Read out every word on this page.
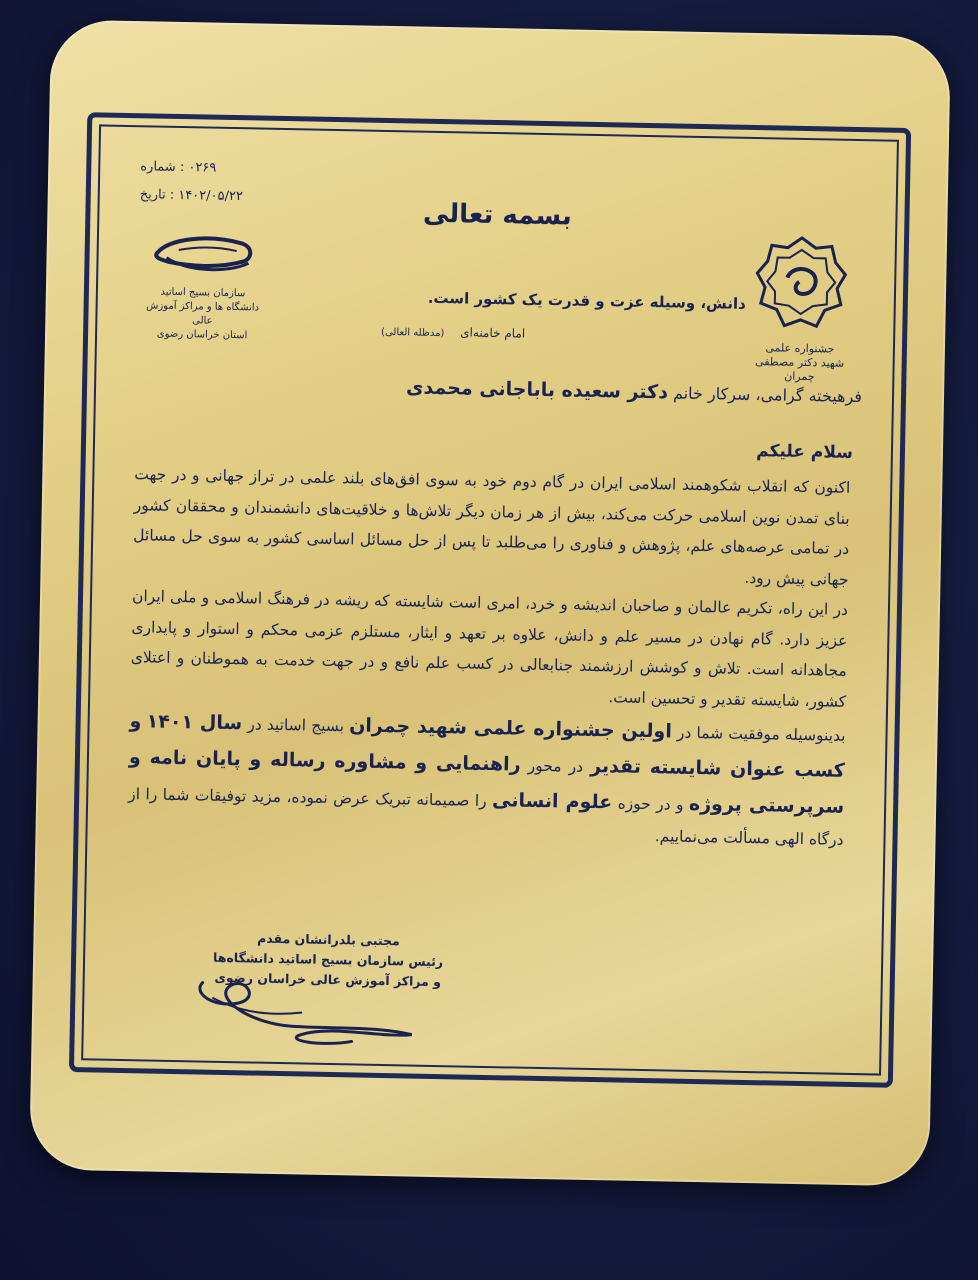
بسمه تعالی
۰۲۶۹ : شماره
۱۴۰۲/۰۵/۲۲ : تاریخ
سازمان بسیج اساتید
دانشگاه ها و مراکز آموزش عالی
استان خراسان رضوی
جشنواره علمی
شهید دکتر مصطفی چمران
دانش، وسیله عزت و قدرت یک کشور است.
امام خامنه‌ای (مدظله العالی)
فرهیخته گرامی، سرکار خانم دکتر سعیده باباجانی محمدی
سلام علیکم

اکنون که انقلاب شکوهمند اسلامی ایران در گام دوم خود به سوی افق‌های بلند علمی در تراز جهانی و در جهت بنای تمدن نوین اسلامی حرکت می‌کند، بیش از هر زمان دیگر تلاش‌ها و خلاقیت‌های دانشمندان و محققان کشور در تمامی عرصه‌های علم، پژوهش و فناوری را می‌طلبد تا پس از حل مسائل اساسی کشور به سوی حل مسائل جهانی پیش رود.

در این راه، تکریم عالمان و صاحبان اندیشه و خرد، امری است شایسته که ریشه در فرهنگ اسلامی و ملی ایران عزیز دارد. گام نهادن در مسیر علم و دانش، علاوه بر تعهد و ایثار، مستلزم عزمی محکم و استوار و پایداری مجاهدانه است. تلاش و کوشش ارزشمند جنابعالی در کسب علم نافع و در جهت خدمت به هموطنان و اعتلای کشور، شایسته تقدیر و تحسین است.

بدینوسیله موفقیت شما در اولین جشنواره علمی شهید چمران بسیج اساتید در سال ۱۴۰۱ و کسب عنوان شایسته تقدیر در محور راهنمایی و مشاوره رساله و پایان نامه و سرپرستی پروژه و در حوزه علوم انسانی را صمیمانه تبریک عرض نموده، مزید توفیقات شما را از درگاه الهی مسألت می‌نماییم.

مجتبی بلدرانشان مقدم
رئیس سازمان بسیج اساتید دانشگاه‌ها
و مراکز آموزش عالی خراسان رضوی
